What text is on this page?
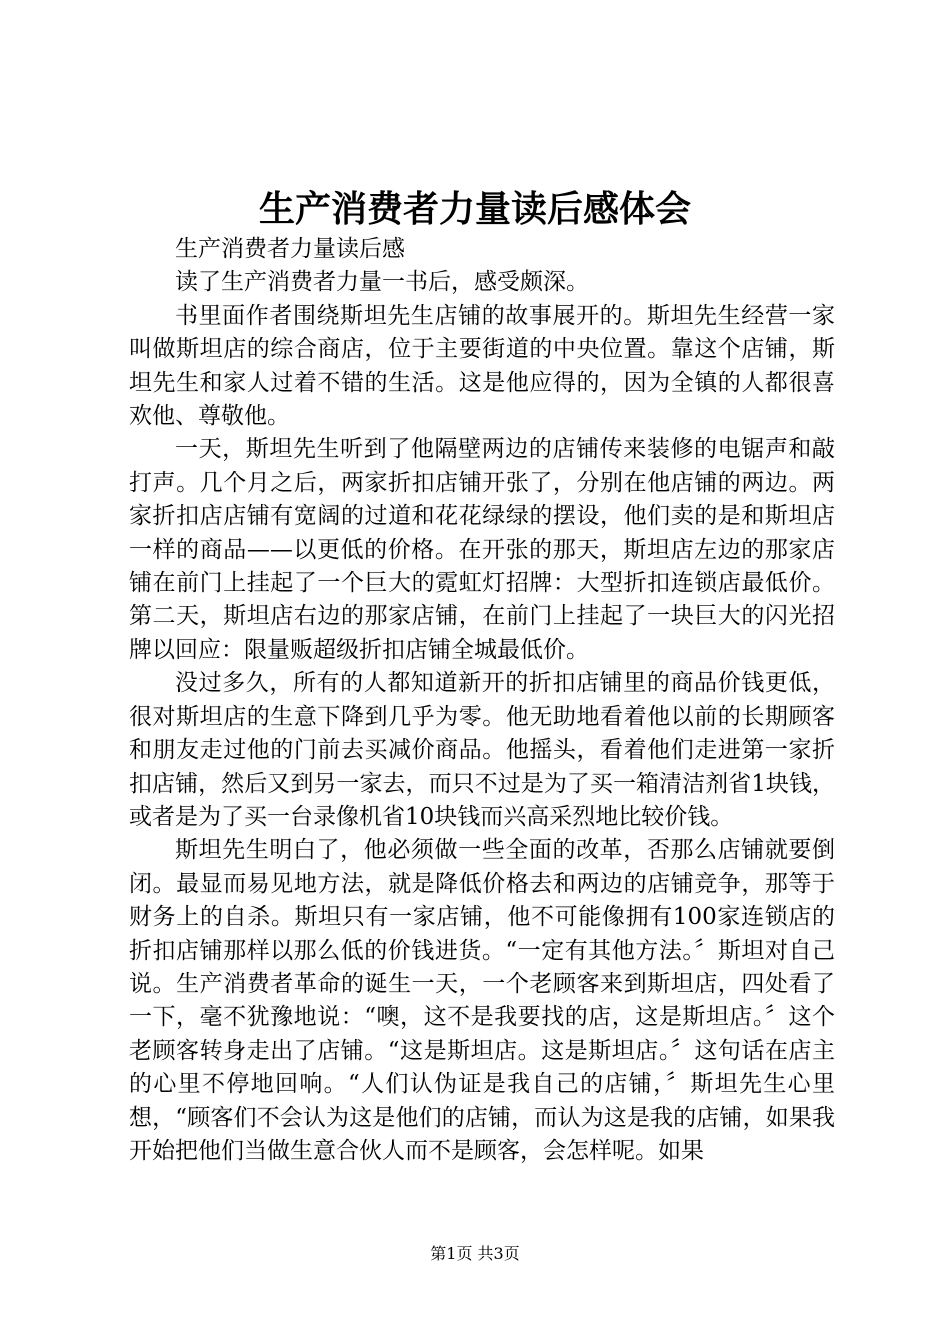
生产消费者力量读后感体会

生产消费者力量读后感

读了生产消费者力量一书后，感受颇深。

书里面作者围绕斯坦先生店铺的故事展开的。斯坦先生经营一家叫做斯坦店的综合商店，位于主要街道的中央位置。靠这个店铺，斯坦先生和家人过着不错的生活。这是他应得的，因为全镇的人都很喜欢他、尊敬他。

一天，斯坦先生听到了他隔壁两边的店铺传来装修的电锯声和敲打声。几个月之后，两家折扣店铺开张了，分别在他店铺的两边。两家折扣店店铺有宽阔的过道和花花绿绿的摆设，他们卖的是和斯坦店一样的商品——以更低的价格。在开张的那天，斯坦店左边的那家店铺在前门上挂起了一个巨大的霓虹灯招牌：大型折扣连锁店最低价。第二天，斯坦店右边的那家店铺，在前门上挂起了一块巨大的闪光招牌以回应：限量贩超级折扣店铺全城最低价。

没过多久，所有的人都知道新开的折扣店铺里的商品价钱更低，很对斯坦店的生意下降到几乎为零。他无助地看着他以前的长期顾客和朋友走过他的门前去买减价商品。他摇头，看着他们走进第一家折扣店铺，然后又到另一家去，而只不过是为了买一箱清洁剂省1块钱，或者是为了买一台录像机省10块钱而兴高采烈地比较价钱。

斯坦先生明白了，他必须做一些全面的改革，否那么店铺就要倒闭。最显而易见地方法，就是降低价格去和两边的店铺竞争，那等于财务上的自杀。斯坦只有一家店铺，他不可能像拥有100家连锁店的折扣店铺那样以那么低的价钱进货。“一定有其他方法。〞斯坦对自己说。生产消费者革命的诞生一天，一个老顾客来到斯坦店，四处看了一下，毫不犹豫地说：“噢，这不是我要找的店，这是斯坦店。〞这个老顾客转身走出了店铺。“这是斯坦店。这是斯坦店。〞这句话在店主的心里不停地回响。“人们认伪证是我自己的店铺，〞斯坦先生心里想，“顾客们不会认为这是他们的店铺，而认为这是我的店铺，如果我开始把他们当做生意合伙人而不是顾客，会怎样呢。如果

第1页 共3页
